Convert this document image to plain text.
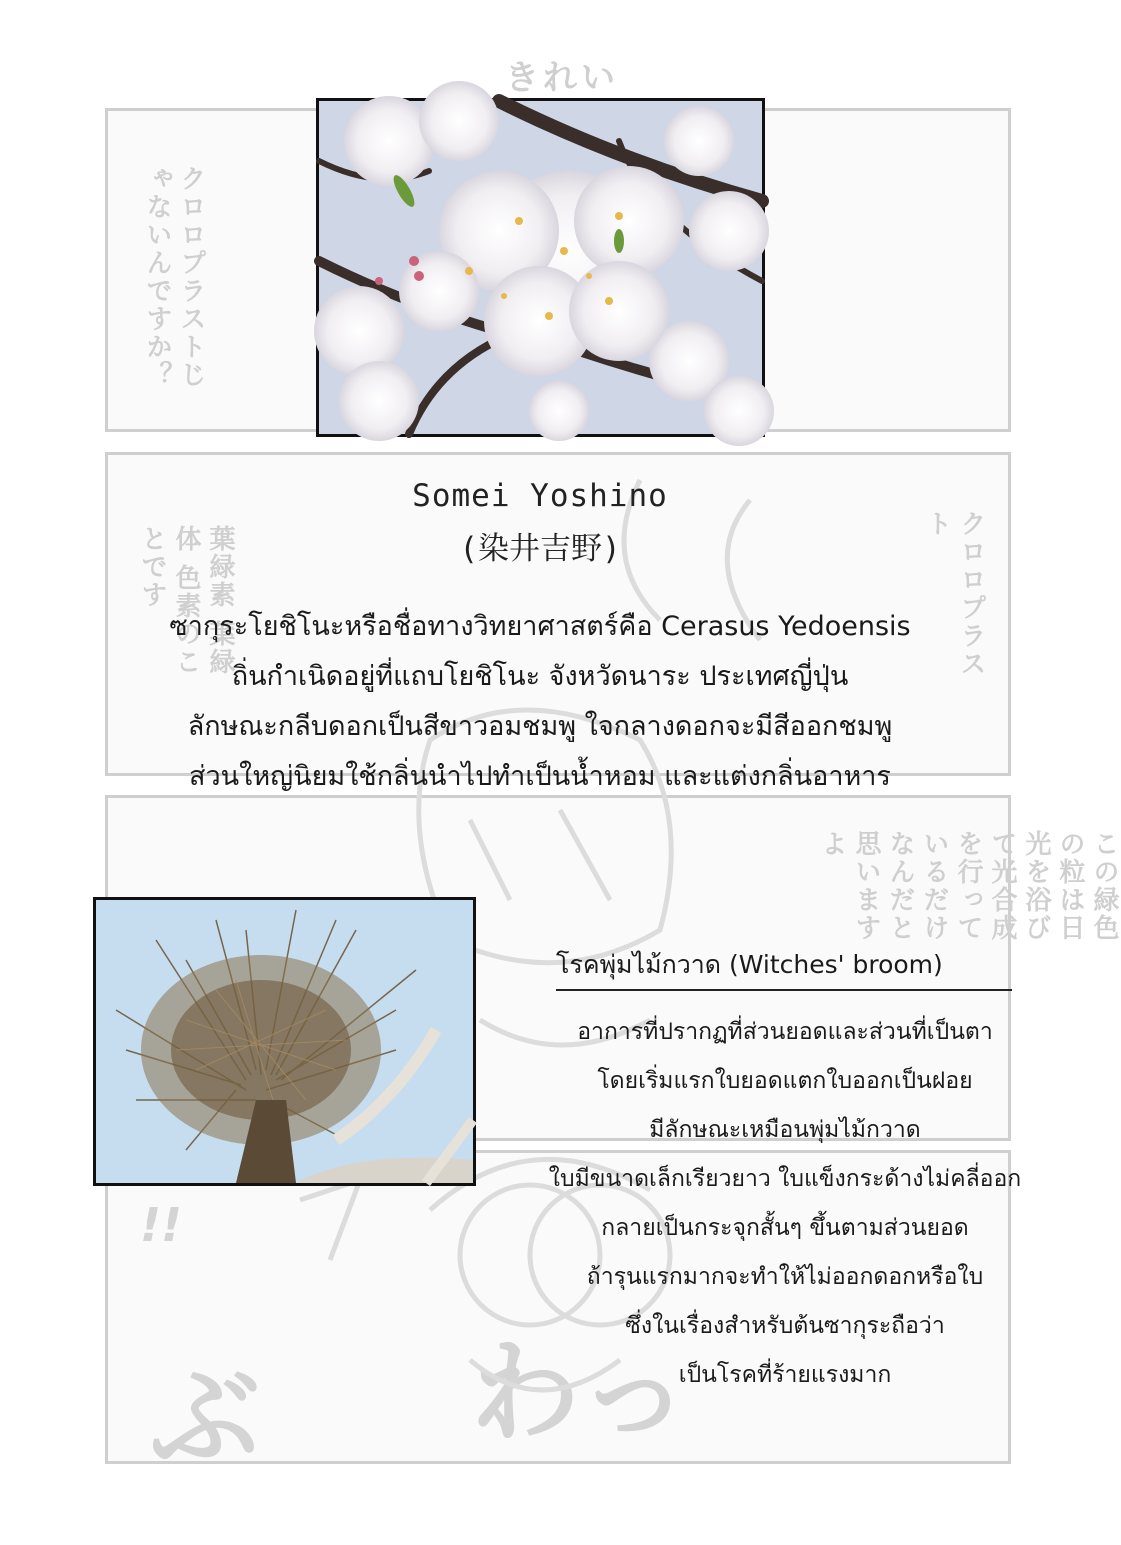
きれい
クロロプラストじゃないんですか？
葉緑素 葉緑体 色素のことです	クロロプラスト
この緑色の粒は日光を浴びて光合成を行っているだけなんだと思いますよ
!!
ぶ わっ
Somei Yoshino
(染井吉野)
ซากุระโยชิโนะหรือชื่อทางวิทยาศาสตร์คือ Cerasus Yedoensis
ถิ่นกำเนิดอยู่ที่แถบโยชิโนะ จังหวัดนาระ ประเทศญี่ปุ่น
ลักษณะกลีบดอกเป็นสีขาวอมชมพู ใจกลางดอกจะมีสีออกชมพู
ส่วนใหญ่นิยมใช้กลิ่นนำไปทำเป็นน้ำหอม และแต่งกลิ่นอาหาร
โรคพุ่มไม้กวาด (Witches' broom)
อาการที่ปรากฏที่ส่วนยอดและส่วนที่เป็นตา
โดยเริ่มแรกใบยอดแตกใบออกเป็นฝอย
มีลักษณะเหมือนพุ่มไม้กวาด
ใบมีขนาดเล็กเรียวยาว ใบแข็งกระด้างไม่คลี่ออก
กลายเป็นกระจุกสั้นๆ ขึ้นตามส่วนยอด
ถ้ารุนแรกมากจะทำให้ไม่ออกดอกหรือใบ
ซึ่งในเรื่องสำหรับต้นซากุระถือว่า
เป็นโรคที่ร้ายแรงมาก
